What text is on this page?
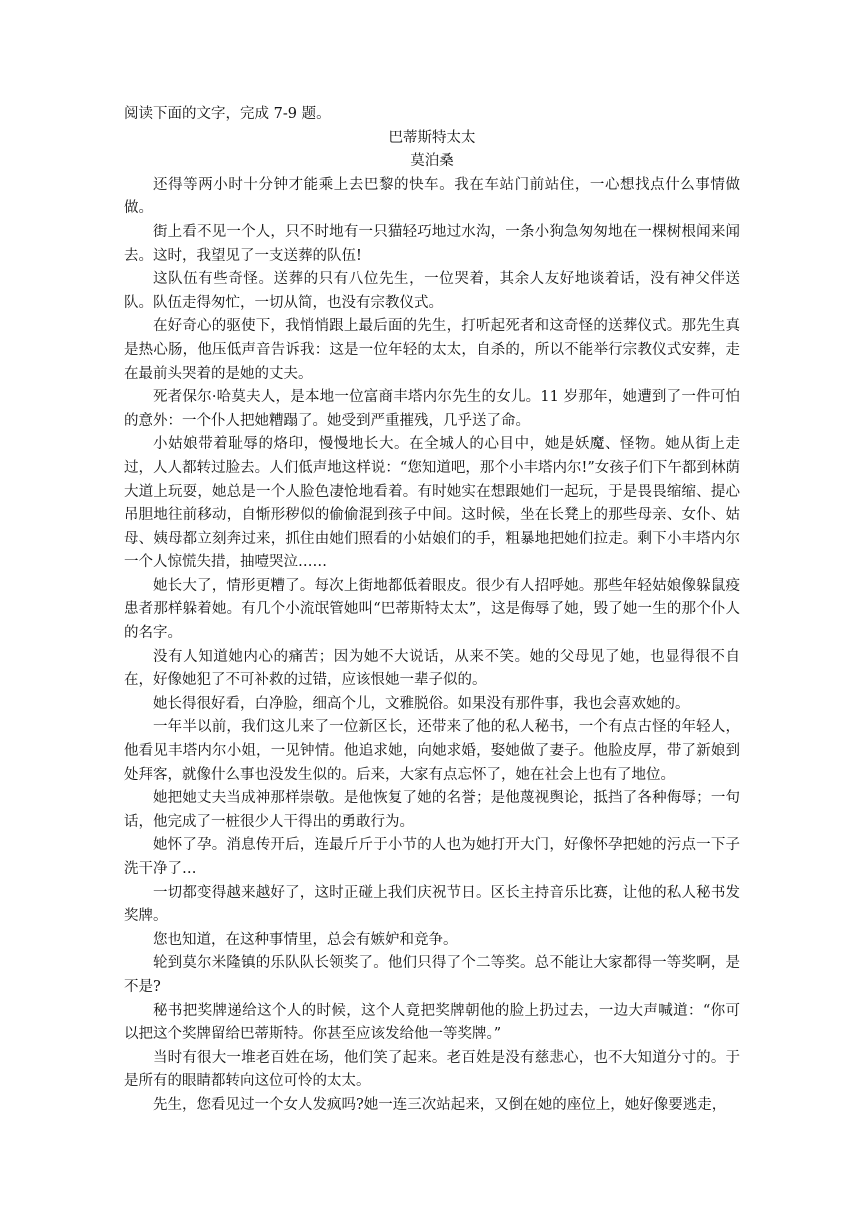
阅读下面的文字，完成 7-9 题。

巴蒂斯特太太

莫泊桑

还得等两小时十分钟才能乘上去巴黎的快车。我在车站门前站住，一心想找点什么事情做做。

街上看不见一个人，只不时地有一只猫轻巧地过水沟，一条小狗急匆匆地在一棵树根闻来闻去。这时，我望见了一支送葬的队伍!

这队伍有些奇怪。送葬的只有八位先生，一位哭着，其余人友好地谈着话，没有神父伴送队。队伍走得匆忙，一切从简，也没有宗教仪式。

在好奇心的驱使下，我悄悄跟上最后面的先生，打听起死者和这奇怪的送葬仪式。那先生真是热心肠，他压低声音告诉我：这是一位年轻的太太，自杀的，所以不能举行宗教仪式安葬，走在最前头哭着的是她的丈夫。

死者保尔·哈莫夫人，是本地一位富商丰塔内尔先生的女儿。11 岁那年，她遭到了一件可怕的意外：一个仆人把她糟蹋了。她受到严重摧残，几乎送了命。

小姑娘带着耻辱的烙印，慢慢地长大。在全城人的心目中，她是妖魔、怪物。她从街上走过，人人都转过脸去。人们低声地这样说：“您知道吧，那个小丰塔内尔!”女孩子们下午都到林荫大道上玩耍，她总是一个人脸色凄怆地看着。有时她实在想跟她们一起玩，于是畏畏缩缩、提心吊胆地往前移动，自惭形秽似的偷偷混到孩子中间。这时候，坐在长凳上的那些母亲、女仆、姑母、姨母都立刻奔过来，抓住由她们照看的小姑娘们的手，粗暴地把她们拉走。剩下小丰塔内尔一个人惊慌失措，抽噎哭泣……

她长大了，情形更糟了。每次上街地都低着眼皮。很少有人招呼她。那些年轻姑娘像躲鼠疫患者那样躲着她。有几个小流氓管她叫“巴蒂斯特太太”，这是侮辱了她，毁了她一生的那个仆人的名字。

没有人知道她内心的痛苦；因为她不大说话，从来不笑。她的父母见了她，也显得很不自在，好像她犯了不可补救的过错，应该恨她一辈子似的。

她长得很好看，白净脸，细高个儿，文雅脱俗。如果没有那件事，我也会喜欢她的。

一年半以前，我们这儿来了一位新区长，还带来了他的私人秘书，一个有点古怪的年轻人，他看见丰塔内尔小姐，一见钟情。他追求她，向她求婚，娶她做了妻子。他脸皮厚，带了新娘到处拜客，就像什么事也没发生似的。后来，大家有点忘怀了，她在社会上也有了地位。

她把她丈夫当成神那样崇敬。是他恢复了她的名誉；是他蔑视舆论，抵挡了各种侮辱；一句话，他完成了一桩很少人干得出的勇敢行为。

她怀了孕。消息传开后，连最斤斤于小节的人也为她打开大门，好像怀孕把她的污点一下子洗干净了…

一切都变得越来越好了，这时正碰上我们庆祝节日。区长主持音乐比赛，让他的私人秘书发奖牌。

您也知道，在这种事情里，总会有嫉妒和竞争。

轮到莫尔米隆镇的乐队队长领奖了。他们只得了个二等奖。总不能让大家都得一等奖啊，是不是?

秘书把奖牌递给这个人的时候，这个人竟把奖牌朝他的脸上扔过去，一边大声喊道：“你可以把这个奖牌留给巴蒂斯特。你甚至应该发给他一等奖牌。”

当时有很大一堆老百姓在场，他们笑了起来。老百姓是没有慈悲心，也不大知道分寸的。于是所有的眼睛都转向这位可怜的太太。

先生，您看见过一个女人发疯吗?她一连三次站起来，又倒在她的座位上，她好像要逃走，
